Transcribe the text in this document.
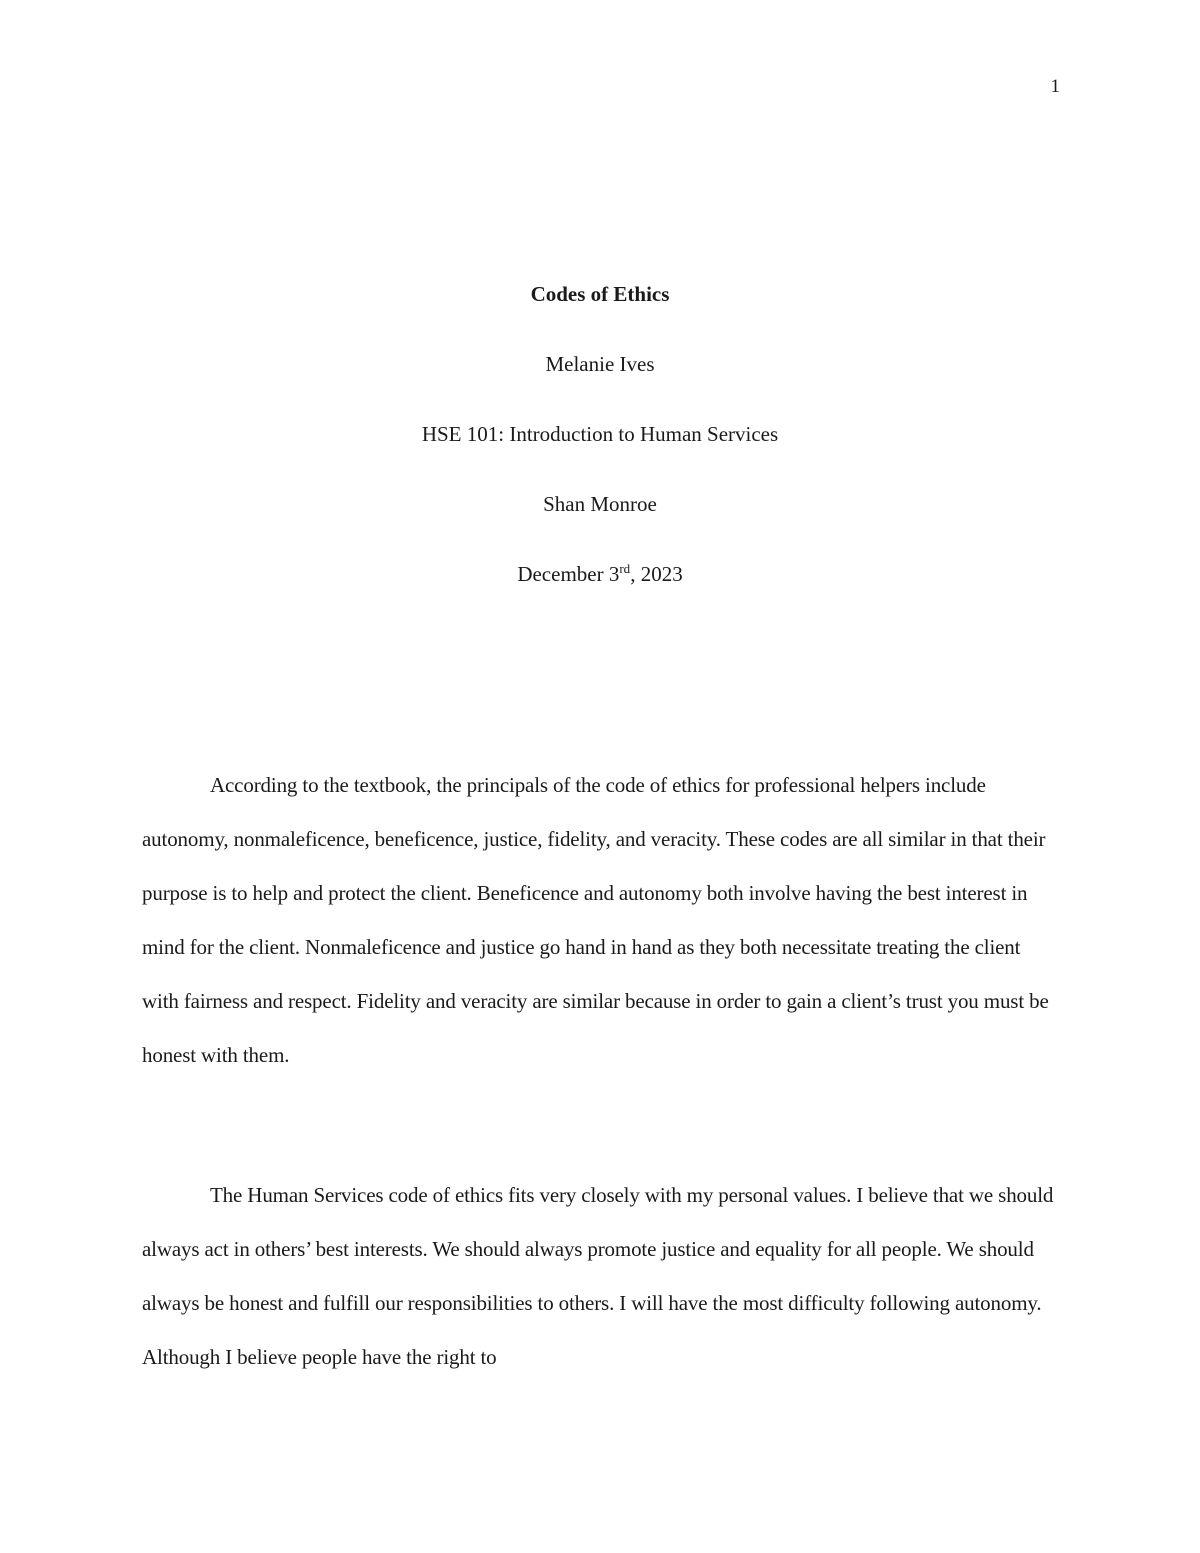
1
Codes of Ethics
Melanie Ives
HSE 101: Introduction to Human Services
Shan Monroe
December 3rd, 2023

According to the textbook, the principals of the code of ethics for professional helpers include autonomy, nonmaleficence, beneficence, justice, fidelity, and veracity. These codes are all similar in that their purpose is to help and protect the client. Beneficence and autonomy both involve having the best interest in mind for the client. Nonmaleficence and justice go hand in hand as they both necessitate treating the client with fairness and respect. Fidelity and veracity are similar because in order to gain a client’s trust you must be honest with them.

The Human Services code of ethics fits very closely with my personal values. I believe that we should always act in others’ best interests. We should always promote justice and equality for all people. We should always be honest and fulfill our responsibilities to others. I will have the most difficulty following autonomy. Although I believe people have the right to
